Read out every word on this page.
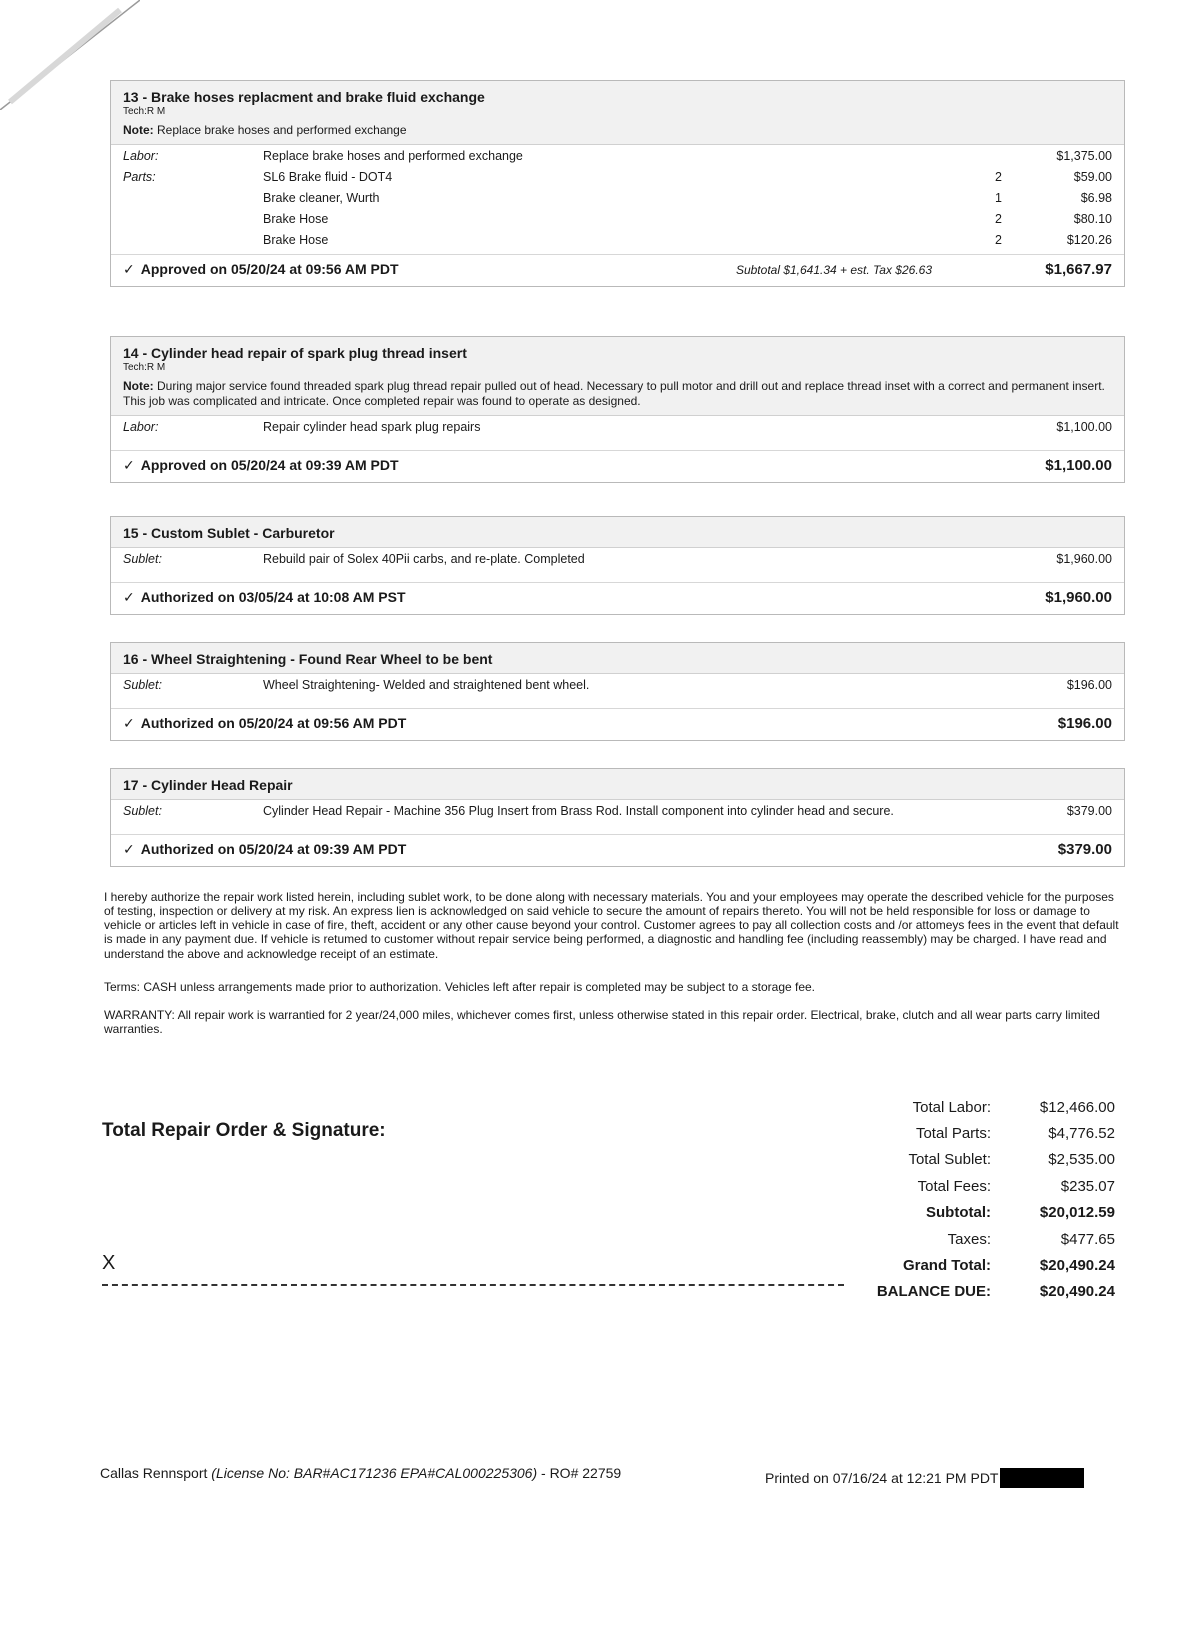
13 - Brake hoses replacment and brake fluid exchange
Tech:R M
Note: Replace brake hoses and performed exchange
Labor:	Replace brake hoses and performed exchange	$1,375.00
Parts:	SL6 Brake fluid - DOT4	2	$59.00
Brake cleaner, Wurth	1	$6.98
Brake Hose	2	$80.10
Brake Hose	2	$120.26
✓ Approved on 05/20/24 at 09:56 AM PDT	Subtotal $1,641.34 + est. Tax $26.63	$1,667.97
14 - Cylinder head repair of spark plug thread insert
Tech:R M
Note: During major service found threaded spark plug thread repair pulled out of head. Necessary to pull motor and drill out and replace thread inset with a correct and permanent insert. This job was complicated and intricate. Once completed repair was found to operate as designed.
Labor:	Repair cylinder head spark plug repairs	$1,100.00
✓ Approved on 05/20/24 at 09:39 AM PDT	$1,100.00
15 - Custom Sublet - Carburetor
Sublet:	Rebuild pair of Solex 40Pii carbs, and re-plate. Completed	$1,960.00
✓ Authorized on 03/05/24 at 10:08 AM PST	$1,960.00
16 - Wheel Straightening - Found Rear Wheel to be bent
Sublet:	Wheel Straightening- Welded and straightened bent wheel.	$196.00
✓ Authorized on 05/20/24 at 09:56 AM PDT	$196.00
17 - Cylinder Head Repair
Sublet:	Cylinder Head Repair - Machine 356 Plug Insert from Brass Rod. Install component into cylinder head and secure.	$379.00
✓ Authorized on 05/20/24 at 09:39 AM PDT	$379.00
I hereby authorize the repair work listed herein, including sublet work, to be done along with necessary materials. You and your employees may operate the described vehicle for the purposes of testing, inspection or delivery at my risk. An express lien is acknowledged on said vehicle to secure the amount of repairs thereto. You will not be held responsible for loss or damage to vehicle or articles left in vehicle in case of fire, theft, accident or any other cause beyond your control. Customer agrees to pay all collection costs and /or attomeys fees in the event that default is made in any payment due. If vehicle is retumed to customer without repair service being performed, a diagnostic and handling fee (including reassembly) may be charged. I have read and understand the above and acknowledge receipt of an estimate.
Terms: CASH unless arrangements made prior to authorization. Vehicles left after repair is completed may be subject to a storage fee.
WARRANTY: All repair work is warrantied for 2 year/24,000 miles, whichever comes first, unless otherwise stated in this repair order. Electrical, brake, clutch and all wear parts carry limited warranties.
Total Repair Order & Signature:
X
Total Labor:	$12,466.00
Total Parts:	$4,776.52
Total Sublet:	$2,535.00
Total Fees:	$235.07
Subtotal:	$20,012.59
Taxes:	$477.65
Grand Total:	$20,490.24
BALANCE DUE:	$20,490.24
Callas Rennsport (License No: BAR#AC171236 EPA#CAL000225306) - RO# 22759	Printed on 07/16/24 at 12:21 PM PDT
